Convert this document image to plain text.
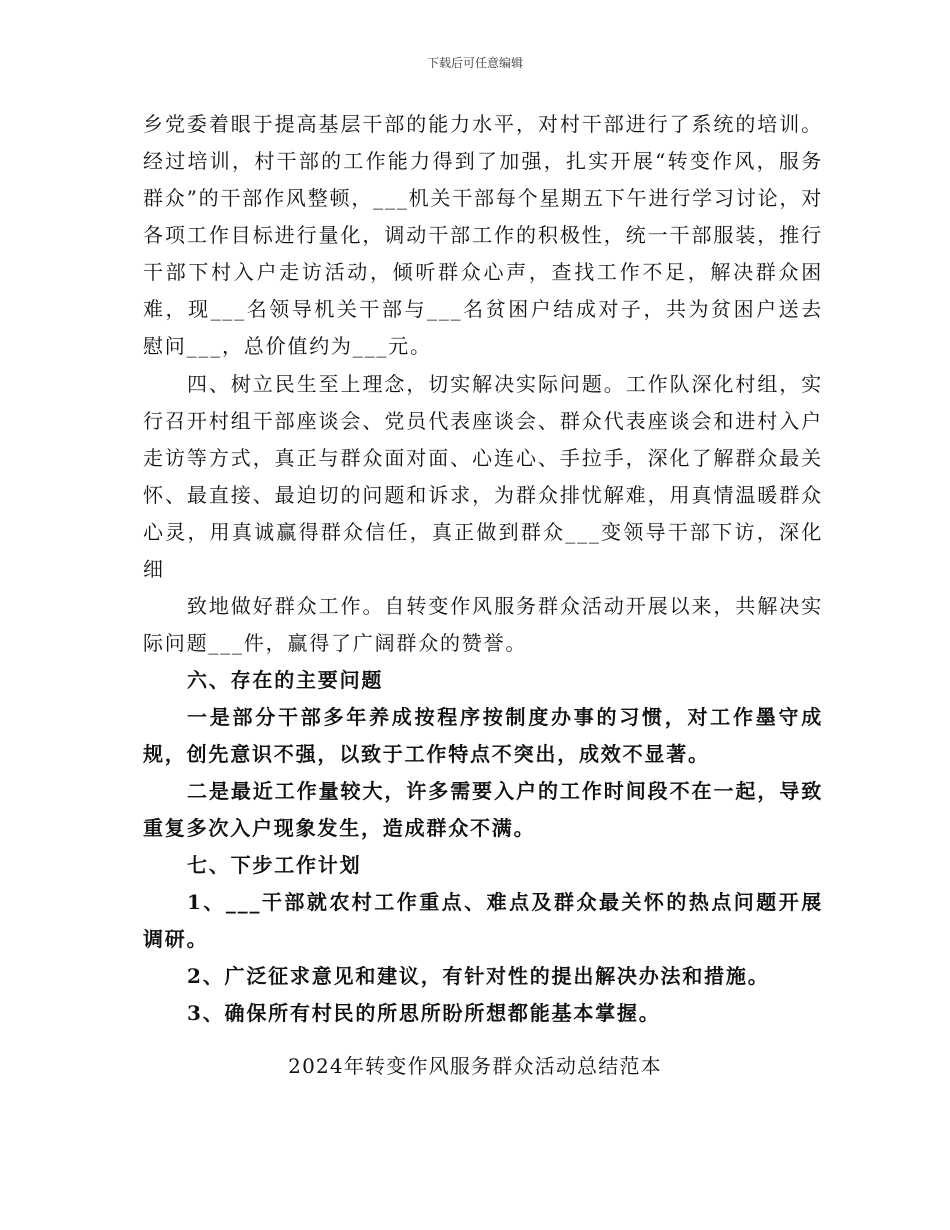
下载后可任意编辑

乡党委着眼于提高基层干部的能力水平，对村干部进行了系统的培训。经过培训，村干部的工作能力得到了加强，扎实开展“转变作风，服务群众”的干部作风整顿，___机关干部每个星期五下午进行学习讨论，对各项工作目标进行量化，调动干部工作的积极性，统一干部服装，推行干部下村入户走访活动，倾听群众心声，查找工作不足，解决群众困难，现___名领导机关干部与___名贫困户结成对子，共为贫困户送去慰问___，总价值约为___元。

四、树立民生至上理念，切实解决实际问题。工作队深化村组，实行召开村组干部座谈会、党员代表座谈会、群众代表座谈会和进村入户走访等方式，真正与群众面对面、心连心、手拉手，深化了解群众最关怀、最直接、最迫切的问题和诉求，为群众排忧解难，用真情温暖群众心灵，用真诚赢得群众信任，真正做到群众___变领导干部下访，深化细

致地做好群众工作。自转变作风服务群众活动开展以来，共解决实际问题___件，赢得了广阔群众的赞誉。

六、存在的主要问题

一是部分干部多年养成按程序按制度办事的习惯，对工作墨守成规，创先意识不强，以致于工作特点不突出，成效不显著。

二是最近工作量较大，许多需要入户的工作时间段不在一起，导致重复多次入户现象发生，造成群众不满。

七、下步工作计划

1、___干部就农村工作重点、难点及群众最关怀的热点问题开展调研。

2、广泛征求意见和建议，有针对性的提出解决办法和措施。

3、确保所有村民的所思所盼所想都能基本掌握。

2024年转变作风服务群众活动总结范本
